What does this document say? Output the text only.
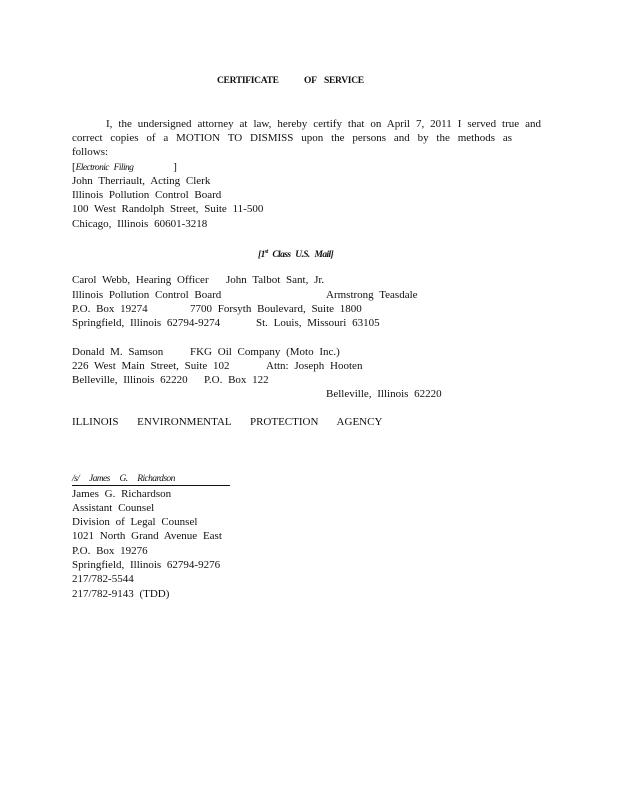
CERTIFICATE	OF SERVICE
I, the undersigned attorney at law, hereby certify that on April 7, 2011 I served true and
correct copies of a MOTION TO DISMISS upon the persons and by the methods as follows:
[Electronic Filing	]
John Therriault, Acting Clerk
Illinois Pollution Control Board
100 West Randolph Street, Suite 11-500
Chicago, Illinois 60601-3218
[1st Class U.S. Mail]
Carol Webb, Hearing Officer John Talbot Sant, Jr.
Illinois Pollution Control Board	Armstrong Teasdale
P.O. Box 19274	7700 Forsyth Boulevard, Suite 1800
Springfield, Illinois 62794-9274	St. Louis, Missouri 63105
Donald M. Samson FKG Oil Company (Moto Inc.)
226 West Main Street, Suite 102	Attn: Joseph Hooten
Belleville, Illinois 62220 P.O. Box 122
Belleville, Illinois 62220
ILLINOIS ENVIRONMENTAL PROTECTION AGENCY
/s/ James G. Richardson
James G. Richardson
Assistant Counsel
Division of Legal Counsel
1021 North Grand Avenue East
P.O. Box 19276
Springfield, Illinois 62794-9276
217/782-5544
217/782-9143 (TDD)
